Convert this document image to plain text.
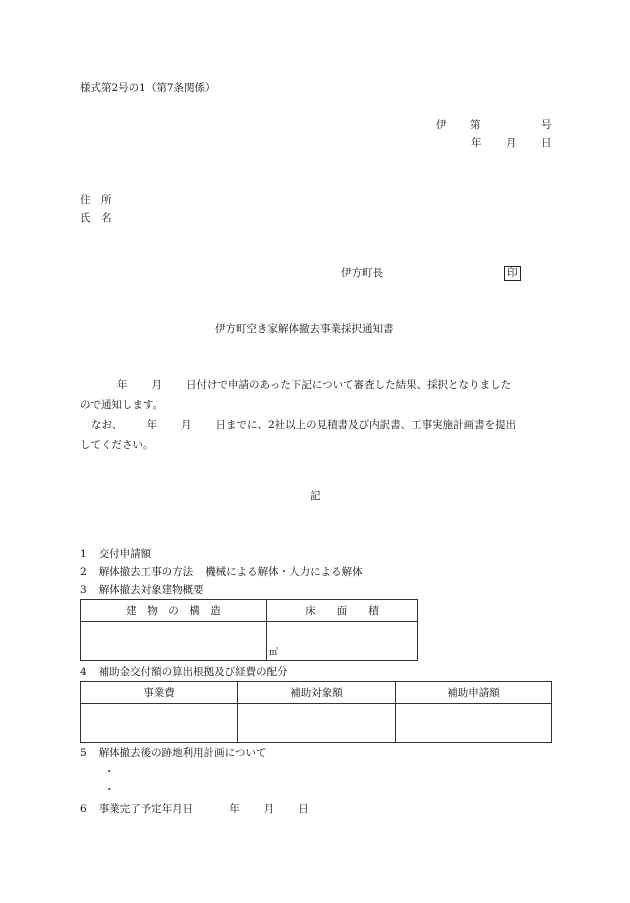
様式第2号の1（第7条関係）
伊 第	号
年 月 日
住　所
氏　名
伊方町長	印
伊方町空き家解体撤去事業採択通知書
年 月 日付けで申請のあった下記について審査した結果、採択となりました
ので通知します。
なお、 年 月 日までに、2社以上の見積書及び内訳書、工事実施計画書を提出
してください。
記
1 交付申請額
2 解体撤去工事の方法 機械による解体・人力による解体
3 解体撤去対象建物概要
建　物　の　構　造	床　　面　　積
	㎡
4 補助金交付額の算出根拠及び経費の配分
事業費	補助対象額	補助申請額

5 解体撤去後の跡地利用計画について
・
・
6 事業完了予定年月日	年 月 日
